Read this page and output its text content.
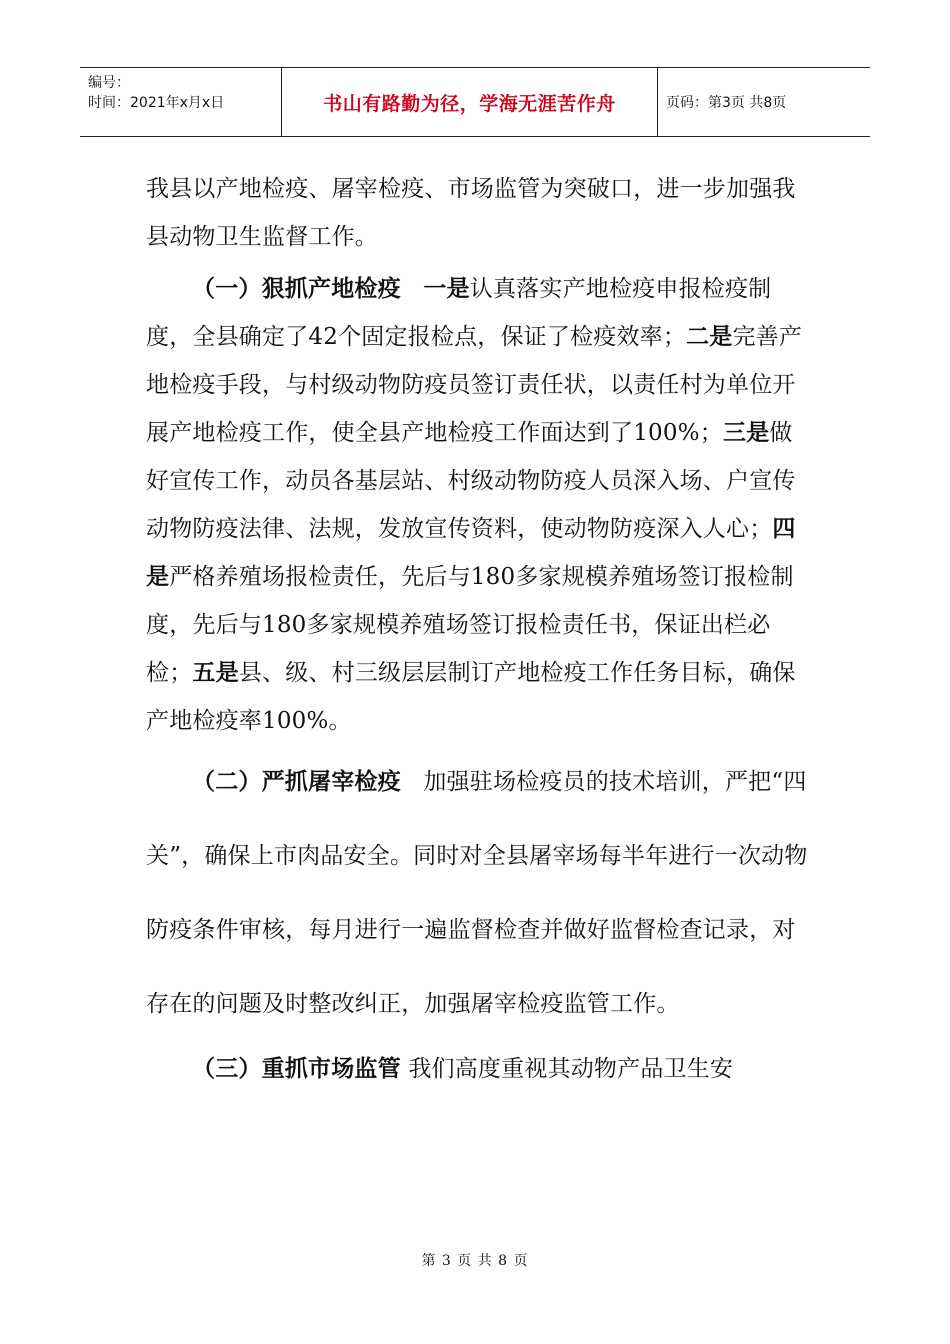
编号：
时间：2021年x月x日	书山有路勤为径，学海无涯苦作舟	页码：第3页 共8页

我县以产地检疫、屠宰检疫、市场监管为突破口，进一步加强我县动物卫生监督工作。

（一）狠抓产地检疫 一是认真落实产地检疫申报检疫制度，全县确定了42个固定报检点，保证了检疫效率；二是完善产地检疫手段，与村级动物防疫员签订责任状，以责任村为单位开展产地检疫工作，使全县产地检疫工作面达到了100%；三是做好宣传工作，动员各基层站、村级动物防疫人员深入场、户宣传动物防疫法律、法规，发放宣传资料，使动物防疫深入人心；四是严格养殖场报检责任，先后与180多家规模养殖场签订报检制度，先后与180多家规模养殖场签订报检责任书，保证出栏必检；五是县、级、村三级层层制订产地检疫工作任务目标，确保产地检疫率100%。

（二）严抓屠宰检疫 加强驻场检疫员的技术培训，严把“四关”，确保上市肉品安全。同时对全县屠宰场每半年进行一次动物防疫条件审核，每月进行一遍监督检查并做好监督检查记录，对存在的问题及时整改纠正，加强屠宰检疫监管工作。

（三）重抓市场监管 我们高度重视其动物产品卫生安

第 3 页 共 8 页
